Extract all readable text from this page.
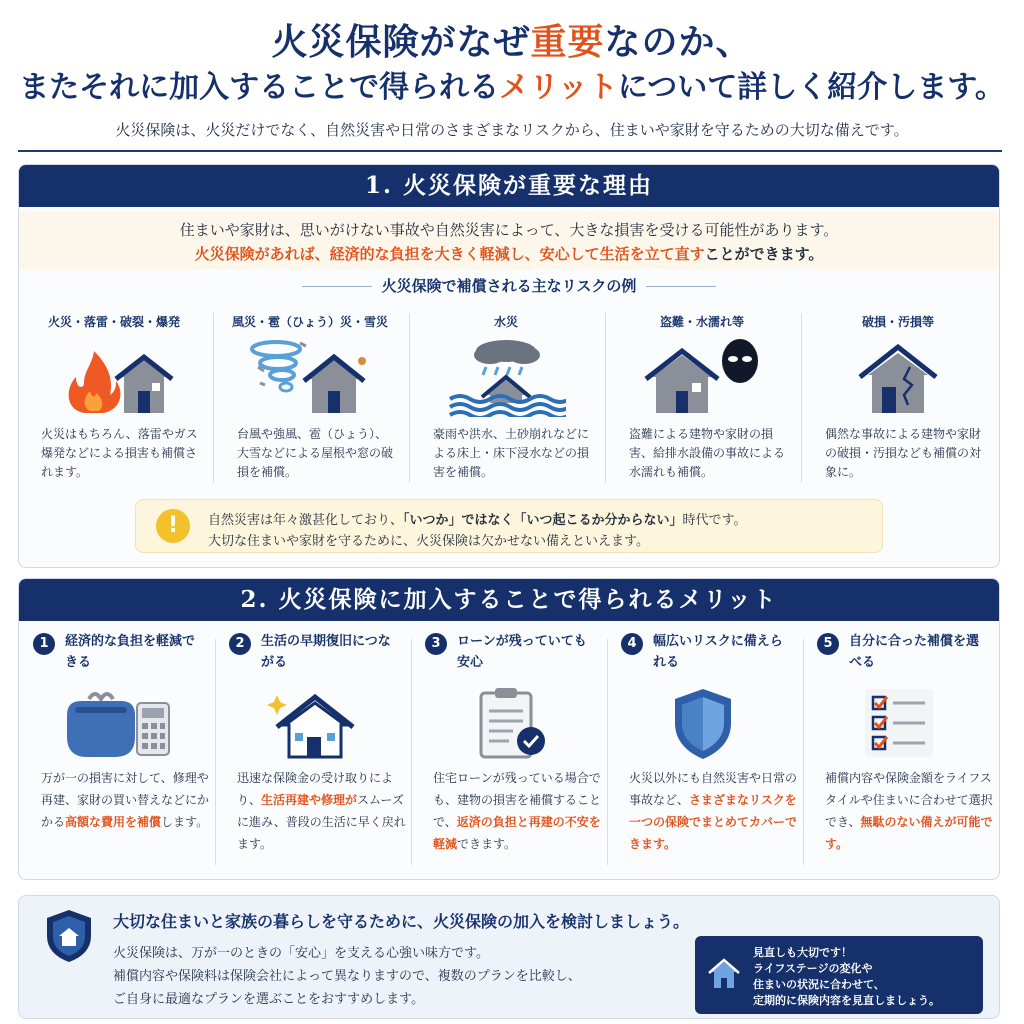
火災保険がなぜ重要なのか、
またそれに加入することで得られるメリットについて詳しく紹介します。
火災保険は、火災だけでなく、自然災害や日常のさまざまなリスクから、住まいや家財を守るための大切な備えです。
1. 火災保険が重要な理由
住まいや家財は、思いがけない事故や自然災害によって、大きな損害を受ける可能性があります。
火災保険があれば、経済的な負担を大きく軽減し、安心して生活を立て直すことができます。
火災保険で補償される主なリスクの例
火災・落雷・破裂・爆発
火災はもちろん、落雷やガス爆発などによる損害も補償されます。
風災・雹（ひょう）災・雪災
台風や強風、雹（ひょう）、大雪などによる屋根や窓の破損を補償。
水災
豪雨や洪水、土砂崩れなどによる床上・床下浸水などの損害を補償。
盗難・水濡れ等
盗難による建物や家財の損害、給排水設備の事故による水濡れも補償。
破損・汚損等
偶然な事故による建物や家財の破損・汚損なども補償の対象に。
!	自然災害は年々激甚化しており、「いつか」ではなく「いつ起こるか分からない」時代です。
大切な住まいや家財を守るために、火災保険は欠かせない備えといえます。
2. 火災保険に加入することで得られるメリット
1	経済的な負担を軽減できる
万が一の損害に対して、修理や再建、家財の買い替えなどにかかる高額な費用を補償します。
2	生活の早期復旧につながる
迅速な保険金の受け取りにより、生活再建や修理がスムーズに進み、普段の生活に早く戻れます。
3	ローンが残っていても安心
住宅ローンが残っている場合でも、建物の損害を補償することで、返済の負担と再建の不安を軽減できます。
4	幅広いリスクに備えられる
火災以外にも自然災害や日常の事故など、さまざまなリスクを一つの保険でまとめてカバーできます。
5	自分に合った補償を選べる
補償内容や保険金額をライフスタイルや住まいに合わせて選択でき、無駄のない備えが可能です。
大切な住まいと家族の暮らしを守るために、火災保険の加入を検討しましょう。
火災保険は、万が一のときの「安心」を支える心強い味方です。
補償内容や保険料は保険会社によって異なりますので、複数のプランを比較し、
ご自身に最適なプランを選ぶことをおすすめします。
見直しも大切です！
ライフステージの変化や
住まいの状況に合わせて、
定期的に保険内容を見直しましょう。
